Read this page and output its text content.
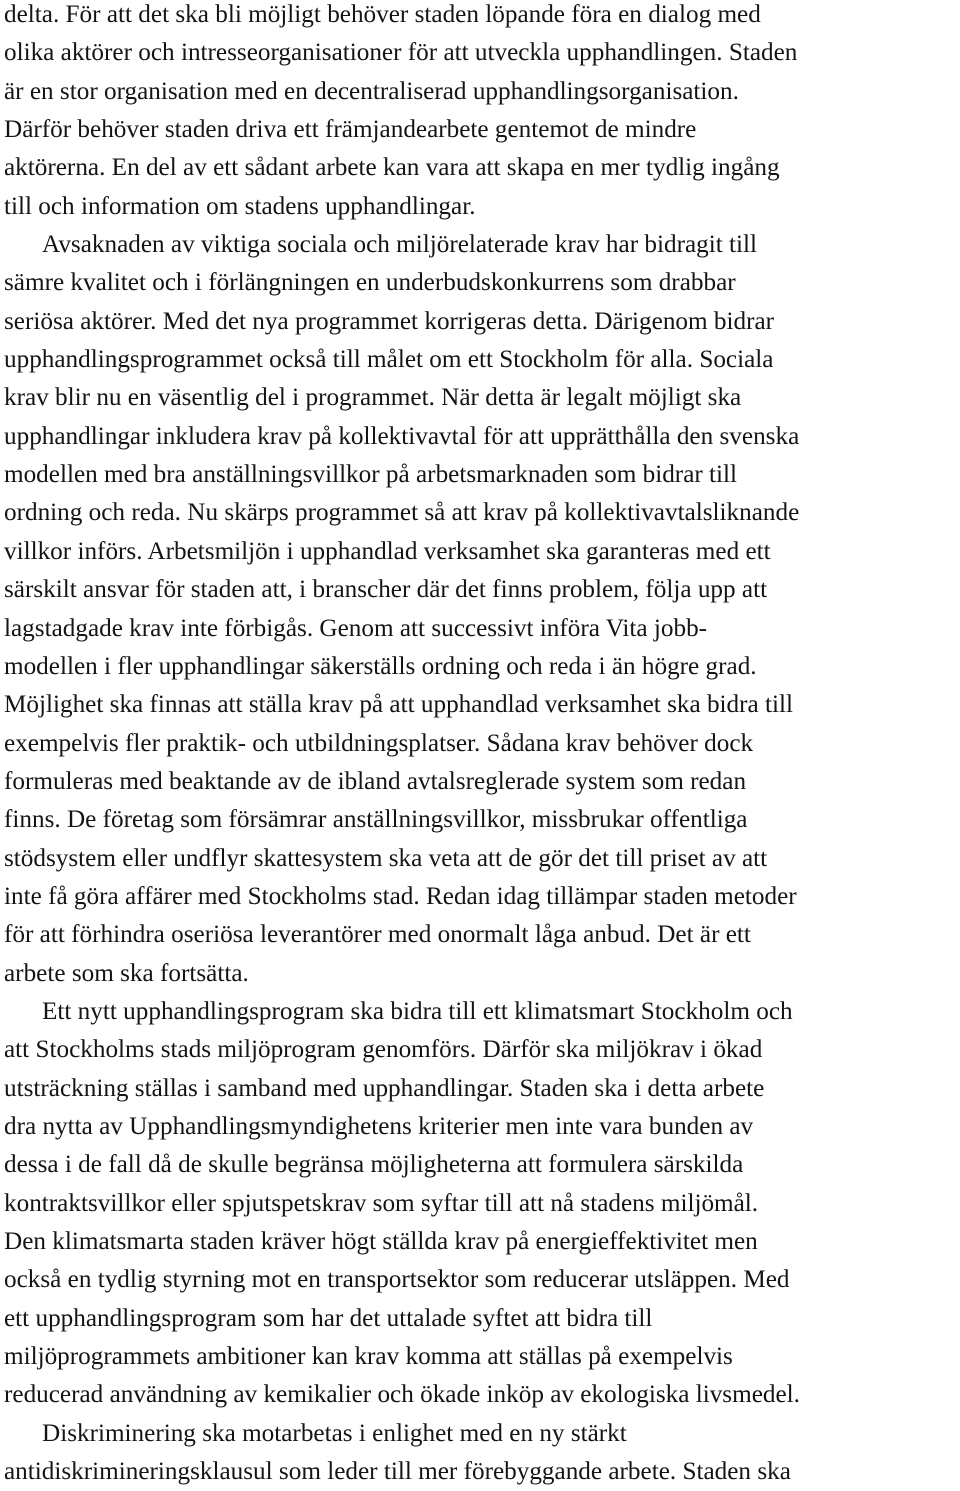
delta. För att det ska bli möjligt behöver staden löpande föra en dialog med
olika aktörer och intresseorganisationer för att utveckla upphandlingen. Staden
är en stor organisation med en decentraliserad upphandlingsorganisation.
Därför behöver staden driva ett främjandearbete gentemot de mindre
aktörerna. En del av ett sådant arbete kan vara att skapa en mer tydlig ingång
till och information om stadens upphandlingar.
Avsaknaden av viktiga sociala och miljörelaterade krav har bidragit till
sämre kvalitet och i förlängningen en underbudskonkurrens som drabbar
seriösa aktörer. Med det nya programmet korrigeras detta. Därigenom bidrar
upphandlingsprogrammet också till målet om ett Stockholm för alla. Sociala
krav blir nu en väsentlig del i programmet. När detta är legalt möjligt ska
upphandlingar inkludera krav på kollektivavtal för att upprätthålla den svenska
modellen med bra anställningsvillkor på arbetsmarknaden som bidrar till
ordning och reda. Nu skärps programmet så att krav på kollektivavtalsliknande
villkor införs. Arbetsmiljön i upphandlad verksamhet ska garanteras med ett
särskilt ansvar för staden att, i branscher där det finns problem, följa upp att
lagstadgade krav inte förbigås. Genom att successivt införa Vita jobb-
modellen i fler upphandlingar säkerställs ordning och reda i än högre grad.
Möjlighet ska finnas att ställa krav på att upphandlad verksamhet ska bidra till
exempelvis fler praktik- och utbildningsplatser. Sådana krav behöver dock
formuleras med beaktande av de ibland avtalsreglerade system som redan
finns. De företag som försämrar anställningsvillkor, missbrukar offentliga
stödsystem eller undflyr skattesystem ska veta att de gör det till priset av att
inte få göra affärer med Stockholms stad. Redan idag tillämpar staden metoder
för att förhindra oseriösa leverantörer med onormalt låga anbud. Det är ett
arbete som ska fortsätta.
Ett nytt upphandlingsprogram ska bidra till ett klimatsmart Stockholm och
att Stockholms stads miljöprogram genomförs. Därför ska miljökrav i ökad
utsträckning ställas i samband med upphandlingar. Staden ska i detta arbete
dra nytta av Upphandlingsmyndighetens kriterier men inte vara bunden av
dessa i de fall då de skulle begränsa möjligheterna att formulera särskilda
kontraktsvillkor eller spjutspetskrav som syftar till att nå stadens miljömål.
Den klimatsmarta staden kräver högt ställda krav på energieffektivitet men
också en tydlig styrning mot en transportsektor som reducerar utsläppen. Med
ett upphandlingsprogram som har det uttalade syftet att bidra till
miljöprogrammets ambitioner kan krav komma att ställas på exempelvis
reducerad användning av kemikalier och ökade inköp av ekologiska livsmedel.
Diskriminering ska motarbetas i enlighet med en ny stärkt
antidiskrimineringsklausul som leder till mer förebyggande arbete. Staden ska
